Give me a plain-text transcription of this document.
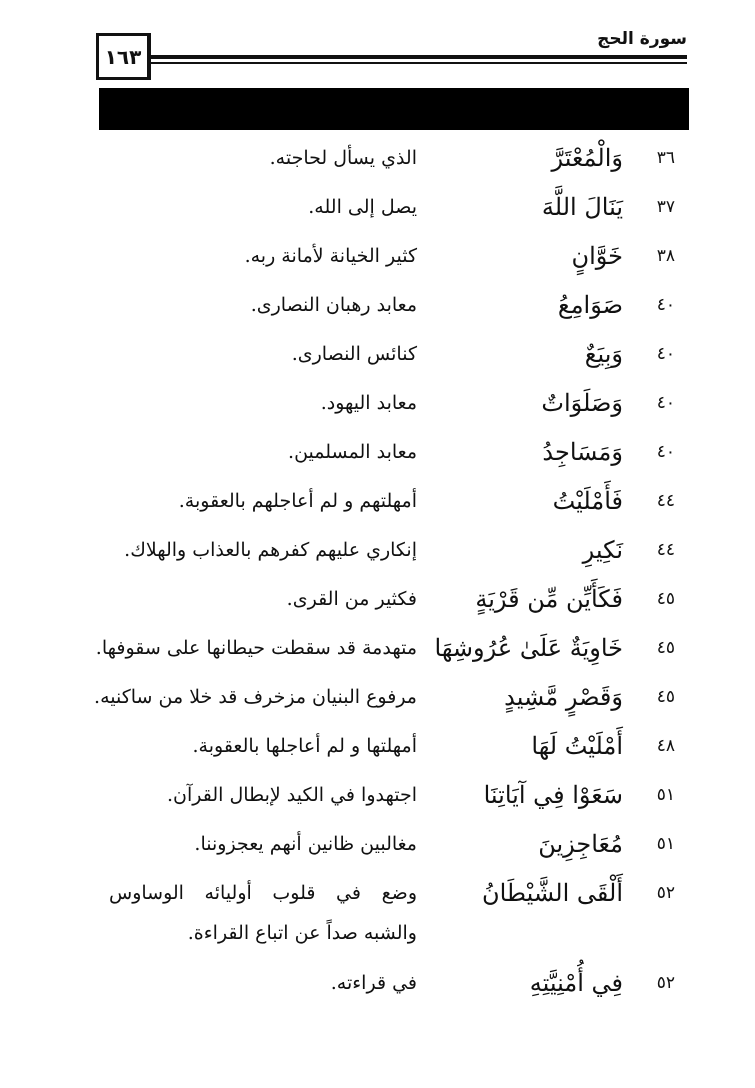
سورة الحج
١٦٣
٣٦
وَالْمُعْتَرَّ
الذي يسأل لحاجته.
٣٧
يَنَالَ اللَّهَ
يصل إلى الله.
٣٨
خَوَّانٍ
كثير الخيانة لأمانة ربه.
٤٠
صَوَامِعُ
معابد رهبان النصارى.
٤٠
وَبِيَعٌ
كنائس النصارى.
٤٠
وَصَلَوَاتٌ
معابد اليهود.
٤٠
وَمَسَاجِدُ
معابد المسلمين.
٤٤
فَأَمْلَيْتُ
أمهلتهم و لم أعاجلهم بالعقوبة.
٤٤
نَكِيرِ
إنكاري عليهم كفرهم بالعذاب والهلاك.
٤٥
فَكَأَيِّن مِّن قَرْيَةٍ
فكثير من القرى.
٤٥
خَاوِيَةٌ عَلَىٰ عُرُوشِهَا
متهدمة قد سقطت حيطانها على سقوفها.
٤٥
وَقَصْرٍ مَّشِيدٍ
مرفوع البنيان مزخرف قد خلا من ساكنيه.
٤٨
أَمْلَيْتُ لَهَا
أمهلتها و لم أعاجلها بالعقوبة.
٥١
سَعَوْا فِي آيَاتِنَا
اجتهدوا في الكيد لإبطال القرآن.
٥١
مُعَاجِزِينَ
مغالبين ظانين أنهم يعجزوننا.
٥٢
أَلْقَى الشَّيْطَانُ
وضع في قلوب أوليائه الوساوس والشبه صداً عن اتباع القراءة.
٥٢
فِي أُمْنِيَّتِهِ
في قراءته.
